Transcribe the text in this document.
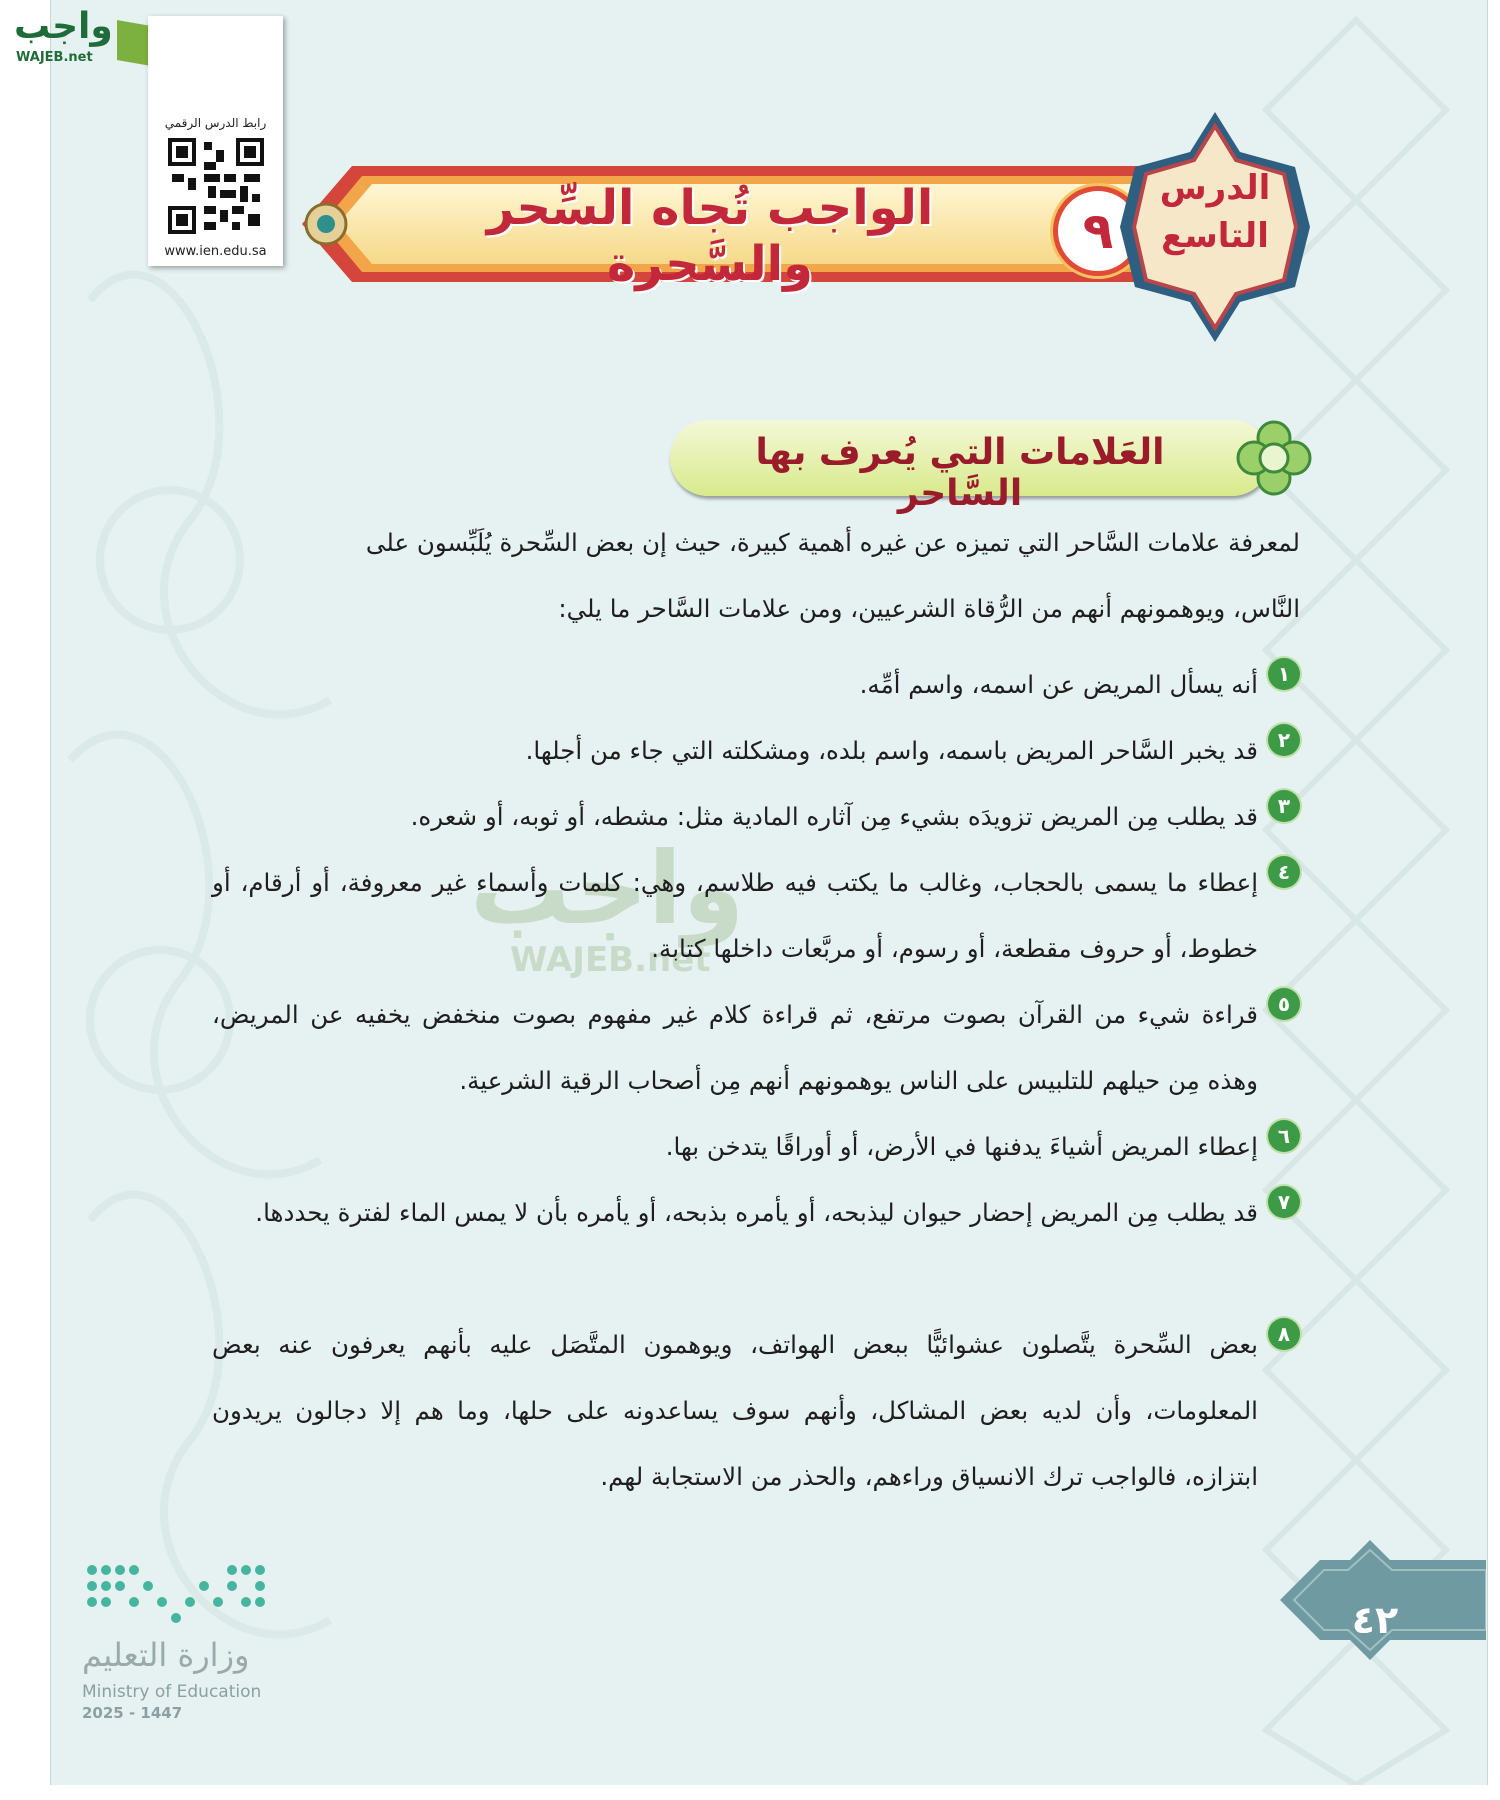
واجب
WAJEB.net
رابط الدرس الرقمي
www.ien.edu.sa
الواجب تُجاه السِّحر والسَّحرة
٩
الدرس
التاسع
العَلامات التي يُعرف بها السَّاحر
واجب
WAJEB.net
لمعرفة علامات السَّاحر التي تميزه عن غيره أهمية كبيرة، حيث إن بعض السِّحرة يُلَبِّسون على
النَّاس، ويوهمونهم أنهم من الرُّقاة الشرعيين، ومن علامات السَّاحر ما يلي:
١
أنه يسأل المريض عن اسمه، واسم أمِّه.
٢
قد يخبر السَّاحر المريض باسمه، واسم بلده، ومشكلته التي جاء من أجلها.
٣
قد يطلب مِن المريض تزويدَه بشيء مِن آثاره المادية مثل: مشطه، أو ثوبه، أو شعره.
٤
إعطاء ما يسمى بالحجاب، وغالب ما يكتب فيه طلاسم، وهي: كلمات وأسماء غير معروفة، أو أرقام، أو خطوط، أو حروف مقطعة، أو رسوم، أو مربَّعات داخلها كتابة.
٥
قراءة شيء من القرآن بصوت مرتفع، ثم قراءة كلام غير مفهوم بصوت منخفض يخفيه عن المريض، وهذه مِن حيلهم للتلبيس على الناس يوهمونهم أنهم مِن أصحاب الرقية الشرعية.
٦
إعطاء المريض أشياءَ يدفنها في الأرض، أو أوراقًا يتدخن بها.
٧
قد يطلب مِن المريض إحضار حيوان ليذبحه، أو يأمره بذبحه، أو يأمره بأن لا يمس الماء لفترة يحددها.
٨
بعض السِّحرة يتَّصلون عشوائيًّا ببعض الهواتف، ويوهمون المتَّصَل عليه بأنهم يعرفون عنه بعض المعلومات، وأن لديه بعض المشاكل، وأنهم سوف يساعدونه على حلها، وما هم إلا دجالون يريدون ابتزازه، فالواجب ترك الانسياق وراءهم، والحذر من الاستجابة لهم.
وزارة التعليم
Ministry of Education
2025 - 1447
٤٢
